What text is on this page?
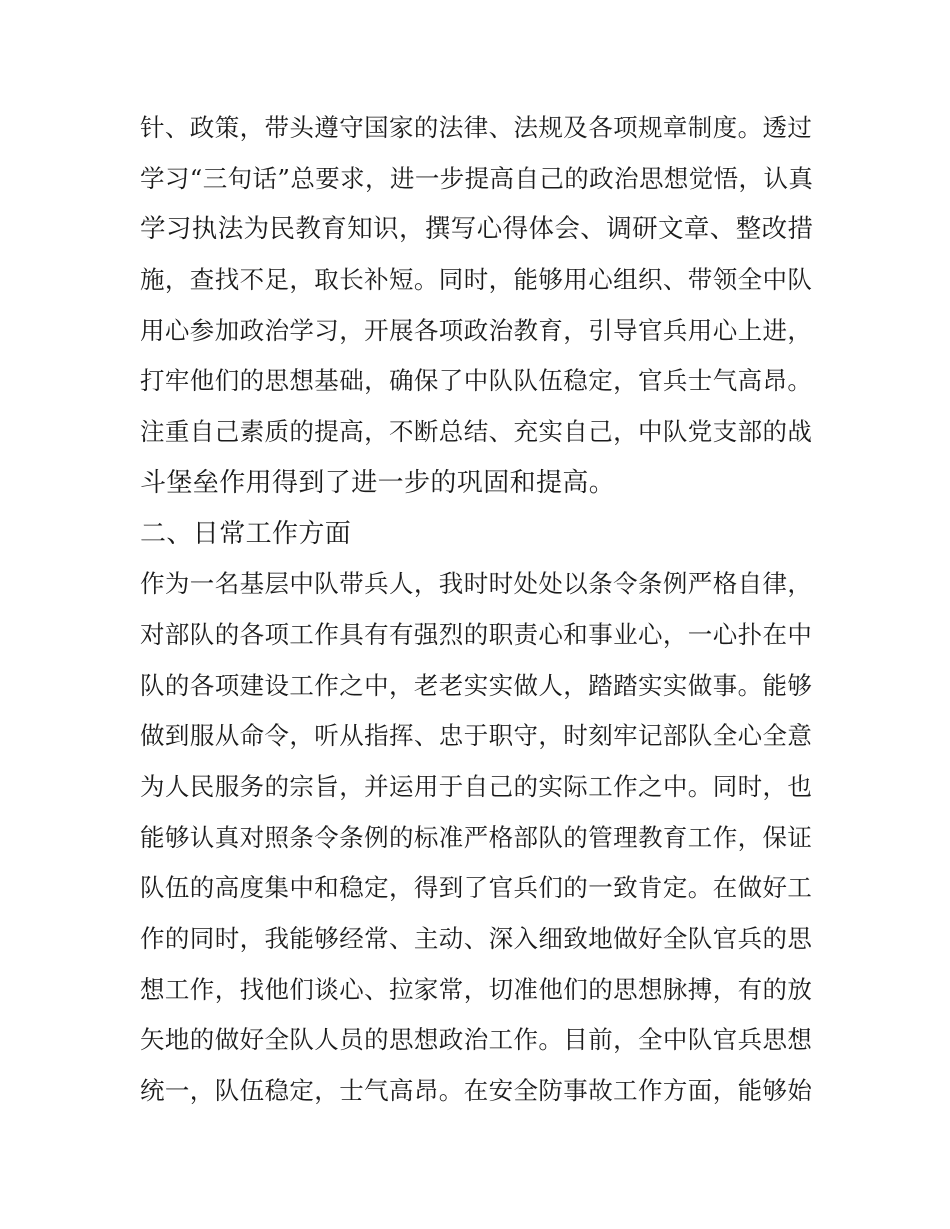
针、政策，带头遵守国家的法律、法规及各项规章制度。透过
学习“三句话”总要求，进一步提高自己的政治思想觉悟，认真
学习执法为民教育知识，撰写心得体会、调研文章、整改措
施，查找不足，取长补短。同时，能够用心组织、带领全中队
用心参加政治学习，开展各项政治教育，引导官兵用心上进，
打牢他们的思想基础，确保了中队队伍稳定，官兵士气高昂。
注重自己素质的提高，不断总结、充实自己，中队党支部的战
斗堡垒作用得到了进一步的巩固和提高。
二、日常工作方面
作为一名基层中队带兵人，我时时处处以条令条例严格自律，
对部队的各项工作具有有强烈的职责心和事业心，一心扑在中
队的各项建设工作之中，老老实实做人，踏踏实实做事。能够
做到服从命令，听从指挥、忠于职守，时刻牢记部队全心全意
为人民服务的宗旨，并运用于自己的实际工作之中。同时，也
能够认真对照条令条例的标准严格部队的管理教育工作，保证
队伍的高度集中和稳定，得到了官兵们的一致肯定。在做好工
作的同时，我能够经常、主动、深入细致地做好全队官兵的思
想工作，找他们谈心、拉家常，切准他们的思想脉搏，有的放
矢地的做好全队人员的思想政治工作。目前，全中队官兵思想
统一，队伍稳定，士气高昂。在安全防事故工作方面，能够始
